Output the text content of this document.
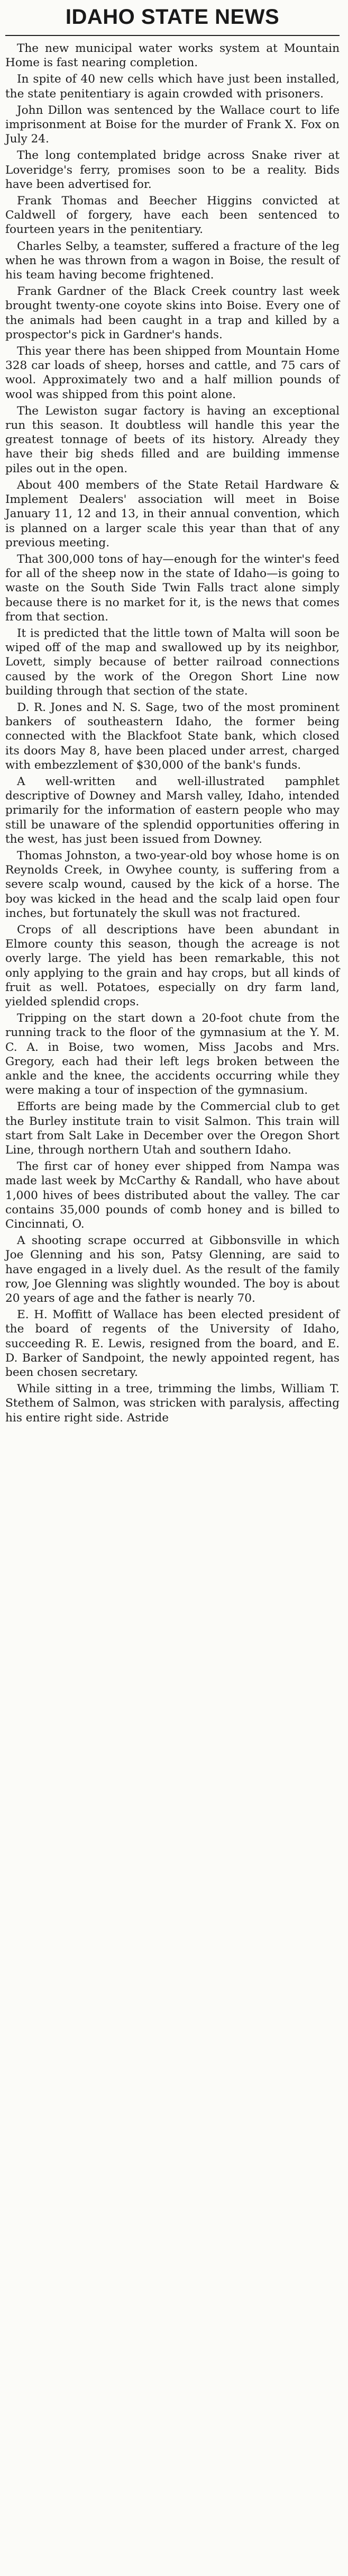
IDAHO STATE NEWS

The new municipal water works system at Mountain Home is fast nearing completion.

In spite of 40 new cells which have just been installed, the state penitentiary is again crowded with prisoners.

John Dillon was sentenced by the Wallace court to life imprisonment at Boise for the murder of Frank X. Fox on July 24.

The long contemplated bridge across Snake river at Loveridge's ferry, promises soon to be a reality. Bids have been advertised for.

Frank Thomas and Beecher Higgins convicted at Caldwell of forgery, have each been sentenced to fourteen years in the penitentiary.

Charles Selby, a teamster, suffered a fracture of the leg when he was thrown from a wagon in Boise, the result of his team having become frightened.

Frank Gardner of the Black Creek country last week brought twenty-one coyote skins into Boise. Every one of the animals had been caught in a trap and killed by a prospector's pick in Gardner's hands.

This year there has been shipped from Mountain Home 328 car loads of sheep, horses and cattle, and 75 cars of wool. Approximately two and a half million pounds of wool was shipped from this point alone.

The Lewiston sugar factory is having an exceptional run this season. It doubtless will handle this year the greatest tonnage of beets of its history. Already they have their big sheds filled and are building immense piles out in the open.

About 400 members of the State Retail Hardware & Implement Dealers' association will meet in Boise January 11, 12 and 13, in their annual convention, which is planned on a larger scale this year than that of any previous meeting.

That 300,000 tons of hay—enough for the winter's feed for all of the sheep now in the state of Idaho—is going to waste on the South Side Twin Falls tract alone simply because there is no market for it, is the news that comes from that section.

It is predicted that the little town of Malta will soon be wiped off of the map and swallowed up by its neighbor, Lovett, simply because of better railroad connections caused by the work of the Oregon Short Line now building through that section of the state.

D. R. Jones and N. S. Sage, two of the most prominent bankers of southeastern Idaho, the former being connected with the Blackfoot State bank, which closed its doors May 8, have been placed under arrest, charged with embezzlement of $30,000 of the bank's funds.

A well-written and well-illustrated pamphlet descriptive of Downey and Marsh valley, Idaho, intended primarily for the information of eastern people who may still be unaware of the splendid opportunities offering in the west, has just been issued from Downey.

Thomas Johnston, a two-year-old boy whose home is on Reynolds Creek, in Owyhee county, is suffering from a severe scalp wound, caused by the kick of a horse. The boy was kicked in the head and the scalp laid open four inches, but fortunately the skull was not fractured.

Crops of all descriptions have been abundant in Elmore county this season, though the acreage is not overly large. The yield has been remarkable, this not only applying to the grain and hay crops, but all kinds of fruit as well. Potatoes, especially on dry farm land, yielded splendid crops.

Tripping on the start down a 20-foot chute from the running track to the floor of the gymnasium at the Y. M. C. A. in Boise, two women, Miss Jacobs and Mrs. Gregory, each had their left legs broken between the ankle and the knee, the accidents occurring while they were making a tour of inspection of the gymnasium.

Efforts are being made by the Commercial club to get the Burley institute train to visit Salmon. This train will start from Salt Lake in December over the Oregon Short Line, through northern Utah and southern Idaho.

The first car of honey ever shipped from Nampa was made last week by McCarthy & Randall, who have about 1,000 hives of bees distributed about the valley. The car contains 35,000 pounds of comb honey and is billed to Cincinnati, O.

A shooting scrape occurred at Gibbonsville in which Joe Glenning and his son, Patsy Glenning, are said to have engaged in a lively duel. As the result of the family row, Joe Glenning was slightly wounded. The boy is about 20 years of age and the father is nearly 70.

E. H. Moffitt of Wallace has been elected president of the board of regents of the University of Idaho, succeeding R. E. Lewis, resigned from the board, and E. D. Barker of Sandpoint, the newly appointed regent, has been chosen secretary.

While sitting in a tree, trimming the limbs, William T. Stethem of Salmon, was stricken with paralysis, affecting his entire right side. Astride
